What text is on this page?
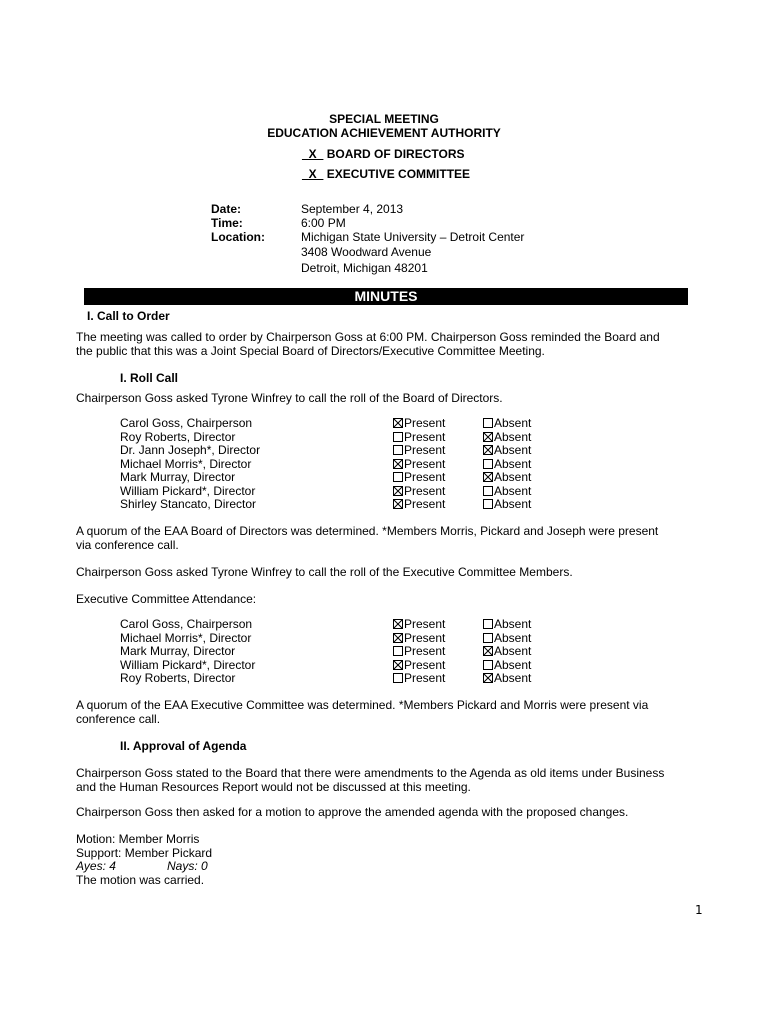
SPECIAL MEETING
EDUCATION ACHIEVEMENT AUTHORITY
_X_ BOARD OF DIRECTORS
_X_ EXECUTIVE COMMITTEE
Date:	September 4, 2013
Time:	6:00 PM
Location:	Michigan State University – Detroit Center
3408 Woodward Avenue
Detroit, Michigan 48201
MINUTES
I. Call to Order
The meeting was called to order by Chairperson Goss at 6:00 PM. Chairperson Goss reminded the Board and
the public that this was a Joint Special Board of Directors/Executive Committee Meeting.
I. Roll Call
Chairperson Goss asked Tyrone Winfrey to call the roll of the Board of Directors.
Carol Goss, Chairperson	Present	Absent
Roy Roberts, Director	Present	Absent
Dr. Jann Joseph*, Director	Present	Absent
Michael Morris*, Director	Present	Absent
Mark Murray, Director	Present	Absent
William Pickard*, Director	Present	Absent
Shirley Stancato, Director	Present	Absent
A quorum of the EAA Board of Directors was determined. *Members Morris, Pickard and Joseph were present
via conference call.
Chairperson Goss asked Tyrone Winfrey to call the roll of the Executive Committee Members.
Executive Committee Attendance:
Carol Goss, Chairperson	Present	Absent
Michael Morris*, Director	Present	Absent
Mark Murray, Director	Present	Absent
William Pickard*, Director	Present	Absent
Roy Roberts, Director	Present	Absent
A quorum of the EAA Executive Committee was determined. *Members Pickard and Morris were present via
conference call.
II. Approval of Agenda
Chairperson Goss stated to the Board that there were amendments to the Agenda as old items under Business
and the Human Resources Report would not be discussed at this meeting.
Chairperson Goss then asked for a motion to approve the amended agenda with the proposed changes.
Motion: Member Morris
Support: Member Pickard
Ayes: 4	Nays: 0
The motion was carried.
1
